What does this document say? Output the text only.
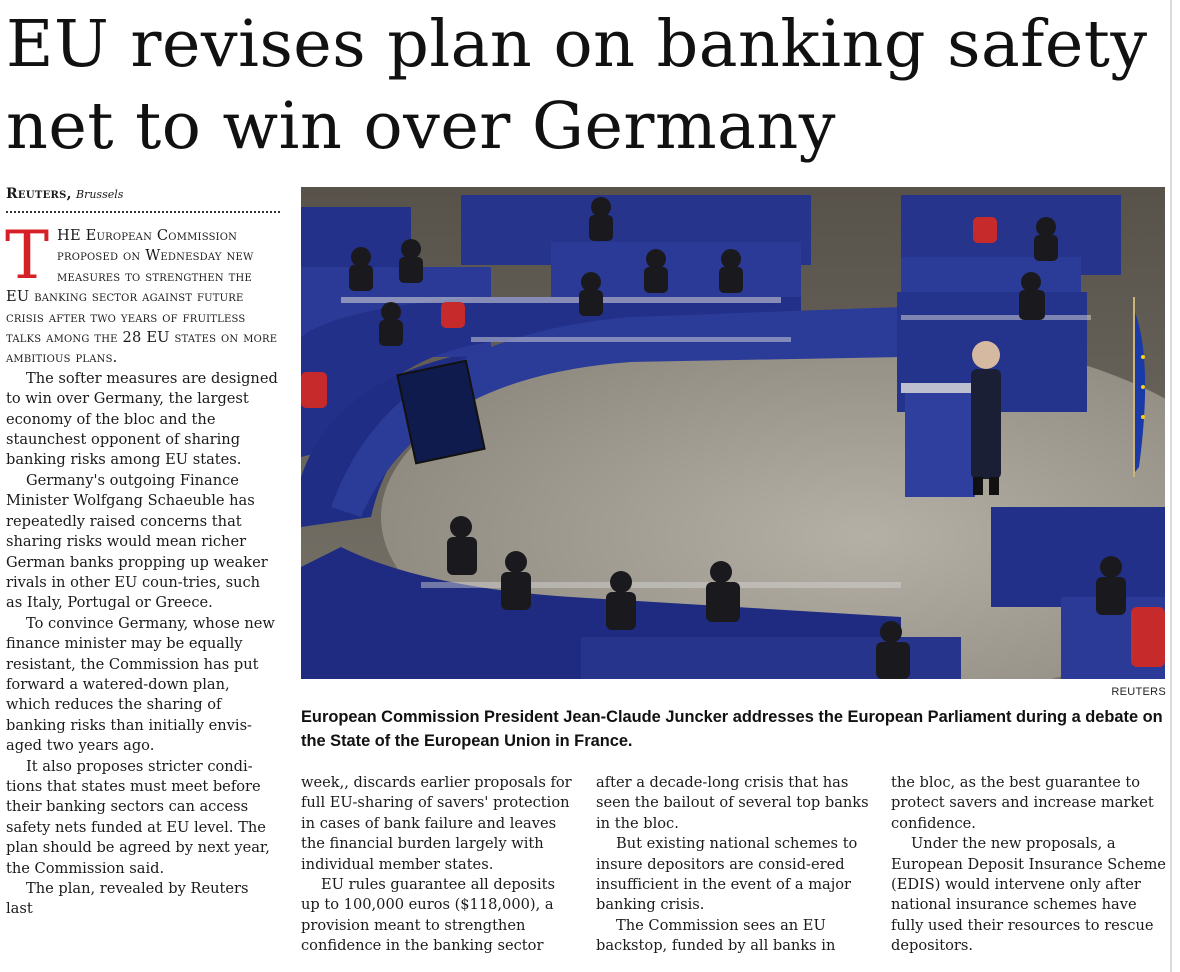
EU revises plan on banking safety
net to win over Germany
Reuters, Brussels

THE European Commission proposed on Wednesday new measures to strengthen the EU banking sector against future crisis after two years of fruitless talks among the 28 EU states on more ambitious plans.

The softer measures are designed to win over Germany, the largest economy of the bloc and the staunchest opponent of sharing banking risks among EU states.

Germany's outgoing Finance Minister Wolfgang Schaeuble has repeatedly raised concerns that sharing risks would mean richer German banks propping up weaker rivals in other EU coun-tries, such as Italy, Portugal or Greece.

To convince Germany, whose new finance minister may be equally resistant, the Commission has put forward a watered-down plan, which reduces the sharing of banking risks than initially envis-aged two years ago.

It also proposes stricter condi-tions that states must meet before their banking sectors can access safety nets funded at EU level. The plan should be agreed by next year, the Commission said.

The plan, revealed by Reuters last

REUTERS
European Commission President Jean-Claude Juncker addresses the European Parliament during a debate on the State of the European Union in France.

week,, discards earlier proposals for full EU-sharing of savers' protection in cases of bank failure and leaves the financial burden largely with individual member states.

EU rules guarantee all deposits up to 100,000 euros ($118,000), a provision meant to strengthen confidence in the banking sector

after a decade-long crisis that has seen the bailout of several top banks in the bloc.

But existing national schemes to insure depositors are consid-ered insufficient in the event of a major banking crisis.

The Commission sees an EU backstop, funded by all banks in

the bloc, as the best guarantee to protect savers and increase market confidence.

Under the new proposals, a European Deposit Insurance Scheme (EDIS) would intervene only after national insurance schemes have fully used their resources to rescue depositors.
